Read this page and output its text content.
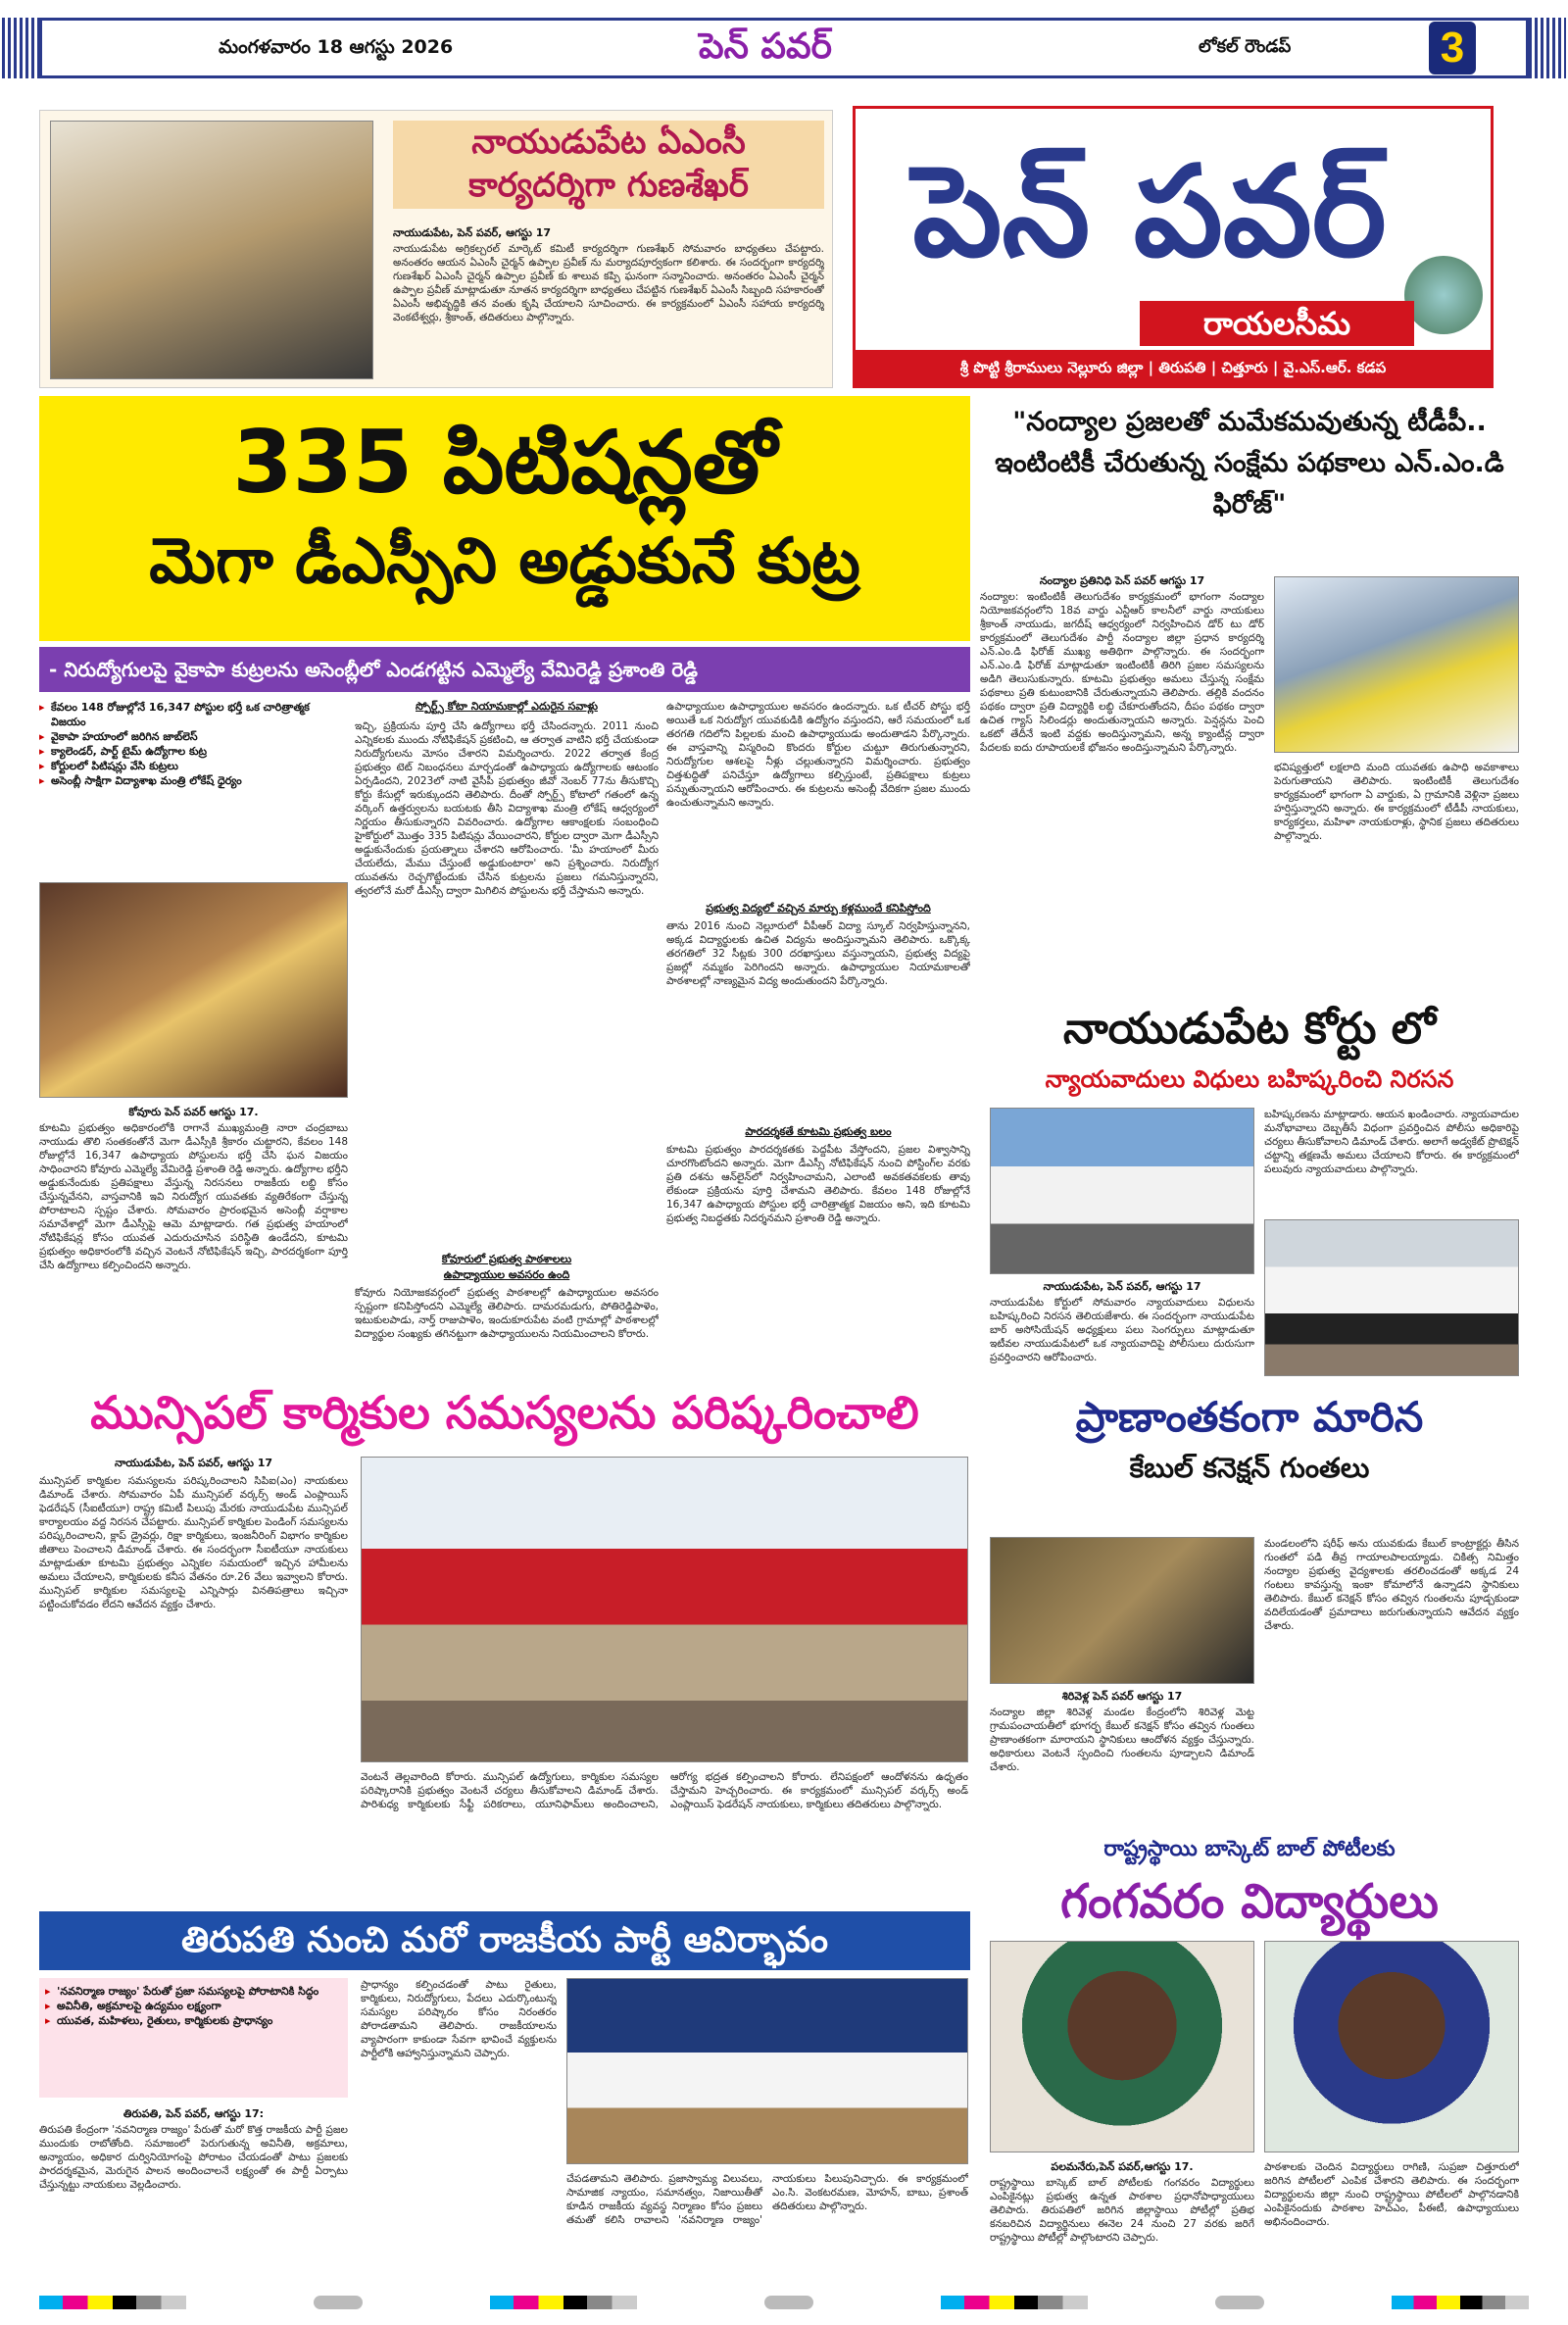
మంగళవారం 18 ఆగస్టు 2026	పెన్ పవర్	లోకల్ రౌండప్	3
నాయుడుపేట ఏఎంసీ
కార్యదర్శిగా గుణశేఖర్
నాయుడుపేట, పెన్ పవర్, ఆగస్టు 17
నాయుడుపేట అగ్రికల్చరల్ మార్కెట్ కమిటీ కార్యదర్శిగా గుణశేఖర్ సోమవారం బాధ్యతలు చేపట్టారు. అనంతరం ఆయన ఏఎంసీ చైర్మన్ ఉప్పాల ప్రవీణ్ ను మర్యాదపూర్వకంగా కలిశారు. ఈ సందర్భంగా కార్యదర్శి గుణశేఖర్ ఏఎంసీ చైర్మన్ ఉప్పాల ప్రవీణ్ కు శాలువ కప్పి ఘనంగా సన్మానించారు. అనంతరం ఏఎంసీ చైర్మన్ ఉప్పాల ప్రవీణ్ మాట్లాడుతూ నూతన కార్యదర్శిగా బాధ్యతలు చేపట్టిన గుణశేఖర్ ఏఎంసీ సిబ్బంది సహకారంతో ఏఎంసీ అభివృద్ధికి తన వంతు కృషి చేయాలని సూచించారు. ఈ కార్యక్రమంలో ఏఎంసీ సహాయ కార్యదర్శి వెంకటేశ్వర్లు, శ్రీకాంత్, తదితరులు పాల్గొన్నారు.
పెన్ పవర్
రాయలసీమ
శ్రీ పొట్టి శ్రీరాములు నెల్లూరు జిల్లా | తిరుపతి | చిత్తూరు | వై.ఎస్.ఆర్. కడప
335 పిటిషన్లతో
మెగా డీఎస్సీని అడ్డుకునే కుట్ర
- నిరుద్యోగులపై వైకాపా కుట్రలను అసెంబ్లీలో ఎండగట్టిన ఎమ్మెల్యే వేమిరెడ్డి ప్రశాంతి రెడ్డి
▸ కేవలం 148 రోజుల్లోనే 16,347 పోస్టుల భర్తీ ఒక చారిత్రాత్మక విజయం
▸ వైకాపా హయాంలో జరిగిన జాబ్‌లెస్
▸ క్యాలెండర్, పార్ట్ టైమ్ ఉద్యోగాల కుట్ర
▸ కోర్టులలో పిటిషన్లు వేసి కుట్రలు
▸ అసెంబ్లీ సాక్షిగా విద్యాశాఖ మంత్రి లోకేష్ ధైర్యం
కోవూరు పెన్ పవర్ ఆగస్టు 17.
కూటమి ప్రభుత్వం అధికారంలోకి రాగానే ముఖ్యమంత్రి నారా చంద్రబాబు నాయుడు తొలి సంతకంతోనే మెగా డీఎస్సీకి శ్రీకారం చుట్టారని, కేవలం 148 రోజుల్లోనే 16,347 ఉపాధ్యాయ పోస్టులను భర్తీ చేసి ఘన విజయం సాధించారని కోవూరు ఎమ్మెల్యే వేమిరెడ్డి ప్రశాంతి రెడ్డి అన్నారు. ఉద్యోగాల భర్తీని అడ్డుకునేందుకు ప్రతిపక్షాలు వేస్తున్న నిరసనలు రాజకీయ లబ్ధి కోసం చేస్తున్నవేనని, వాస్తవానికి ఇవి నిరుద్యోగ యువతకు వ్యతిరేకంగా చేస్తున్న పోరాటాలని స్పష్టం చేశారు. సోమవారం ప్రారంభమైన అసెంబ్లీ వర్షాకాల సమావేశాల్లో మెగా డీఎస్సీపై ఆమె మాట్లాడారు. గత ప్రభుత్వ హయాంలో నోటిఫికేషన్ల కోసం యువత ఎదురుచూసిన పరిస్థితి ఉండేదని, కూటమి ప్రభుత్వం అధికారంలోకి వచ్చిన వెంటనే నోటిఫికేషన్ ఇచ్చి, పారదర్శకంగా పూర్తి చేసి ఉద్యోగాలు కల్పించిందని అన్నారు.
స్పోర్ట్స్ కోటా నియామకాల్లో ఎదురైన సవాళ్లు
ఇచ్చి, ప్రక్రియను పూర్తి చేసి ఉద్యోగాలు భర్తీ చేసిందన్నారు. 2011 నుంచి ఎన్నికలకు ముందు నోటిఫికేషన్ ప్రకటించి, ఆ తర్వాత వాటిని భర్తీ చేయకుండా నిరుద్యోగులను మోసం చేశారని విమర్శించారు. 2022 తర్వాత కేంద్ర ప్రభుత్వం టెట్ నిబంధనలు మార్చడంతో ఉపాధ్యాయ ఉద్యోగాలకు ఆటంకం ఏర్పడిందని, 2023లో నాటి వైసీపీ ప్రభుత్వం జీవో నెంబర్ 77ను తీసుకొచ్చి కోర్టు కేసుల్లో ఇరుక్కుందని తెలిపారు. దీంతో స్పోర్ట్స్ కోటాలో గతంలో ఉన్న వర్కింగ్ ఉత్తర్వులను బయటకు తీసి విద్యాశాఖ మంత్రి లోకేష్ ఆధ్వర్యంలో నిర్ణయం తీసుకున్నారని వివరించారు. ఉద్యోగాల ఆకాంక్షలకు సంబంధించి హైకోర్టులో మొత్తం 335 పిటిషన్లు వేయించారని, కోర్టుల ద్వారా మెగా డీఎస్సీని అడ్డుకునేందుకు ప్రయత్నాలు చేశారని ఆరోపించారు. 'మీ హయాంలో మీరు చేయలేదు, మేము చేస్తుంటే అడ్డుకుంటారా' అని ప్రశ్నించారు. నిరుద్యోగ యువతను రెచ్చగొట్టేందుకు చేసిన కుట్రలను ప్రజలు గమనిస్తున్నారని, త్వరలోనే మరో డీఎస్సీ ద్వారా మిగిలిన పోస్టులను భర్తీ చేస్తామని అన్నారు.
కోవూరులో ప్రభుత్వ పాఠశాలలు
ఉపాధ్యాయుల అవసరం ఉంది
కోవూరు నియోజకవర్గంలో ప్రభుత్వ పాఠశాలల్లో ఉపాధ్యాయుల అవసరం స్పష్టంగా కనిపిస్తోందని ఎమ్మెల్యే తెలిపారు. దామరమడుగు, పోతిరెడ్డిపాళెం, ఇటుకులపాడు, నార్త్ రాజుపాళెం, ఇందుకూరుపేట వంటి గ్రామాల్లో పాఠశాలల్లో విద్యార్థుల సంఖ్యకు తగినట్టుగా ఉపాధ్యాయులను నియమించాలని కోరారు.
ఉపాధ్యాయుల ఉపాధ్యాయుల అవసరం ఉందన్నారు. ఒక టీచర్ పోస్టు భర్తీ అయితే ఒక నిరుద్యోగ యువకుడికి ఉద్యోగం వస్తుందని, ఆరే సమయంలో ఒక తరగతి గదిలోని పిల్లలకు మంచి ఉపాధ్యాయుడు అందుతాడని పేర్కొన్నారు. ఈ వాస్తవాన్ని విస్మరించి కొందరు కోర్టుల చుట్టూ తిరుగుతున్నారని, నిరుద్యోగుల ఆశలపై నీళ్లు చల్లుతున్నారని విమర్శించారు. ప్రభుత్వం చిత్తశుద్ధితో పనిచేస్తూ ఉద్యోగాలు కల్పిస్తుంటే, ప్రతిపక్షాలు కుట్రలు పన్నుతున్నాయని ఆరోపించారు. ఈ కుట్రలను అసెంబ్లీ వేదికగా ప్రజల ముందు ఉంచుతున్నామని అన్నారు.
ప్రభుత్వ విద్యలో వచ్చిన మార్పు కళ్లముందే కనిపిస్తోంది
తాను 2016 నుంచి నెల్లూరులో వీపీఆర్ విద్యా స్కూల్ నిర్వహిస్తున్నానని, అక్కడ విద్యార్థులకు ఉచిత విద్యను అందిస్తున్నామని తెలిపారు. ఒక్కొక్క తరగతిలో 32 సీట్లకు 300 దరఖాస్తులు వస్తున్నాయని, ప్రభుత్వ విద్యపై ప్రజల్లో నమ్మకం పెరిగిందని అన్నారు. ఉపాధ్యాయుల నియామకాలతో పాఠశాలల్లో నాణ్యమైన విద్య అందుతుందని పేర్కొన్నారు.
పారదర్శకతే కూటమి ప్రభుత్వ బలం
కూటమి ప్రభుత్వం పారదర్శకతకు పెద్దపీట వేస్తోందని, ప్రజల విశ్వాసాన్ని చూరగొంటోందని అన్నారు. మెగా డీఎస్సీ నోటిఫికేషన్ నుంచి పోస్టింగ్‌ల వరకు ప్రతి దశను ఆన్‌లైన్‌లో నిర్వహించామని, ఎలాంటి అవకతవకలకు తావు లేకుండా ప్రక్రియను పూర్తి చేశామని తెలిపారు. కేవలం 148 రోజుల్లోనే 16,347 ఉపాధ్యాయ పోస్టుల భర్తీ చారిత్రాత్మక విజయం అని, ఇది కూటమి ప్రభుత్వ నిబద్ధతకు నిదర్శనమని ప్రశాంతి రెడ్డి అన్నారు.
"నంద్యాల ప్రజలతో మమేకమవుతున్న టీడీపీ.. ఇంటింటికీ చేరుతున్న సంక్షేమ పథకాలు ఎన్.ఎం.డి ఫిరోజ్"
నంద్యాల ప్రతినిధి పెన్ పవర్ ఆగస్టు 17
నంద్యాల: ఇంటింటికీ తెలుగుదేశం కార్యక్రమంలో భాగంగా నంద్యాల నియోజకవర్గంలోని 18వ వార్డు ఎన్టీఆర్ కాలనీలో వార్డు నాయకులు శ్రీకాంత్ నాయుడు, జగదీష్ ఆధ్వర్యంలో నిర్వహించిన డోర్ టు డోర్ కార్యక్రమంలో తెలుగుదేశం పార్టీ నంద్యాల జిల్లా ప్రధాన కార్యదర్శి ఎన్.ఎం.డి ఫిరోజ్ ముఖ్య అతిథిగా పాల్గొన్నారు. ఈ సందర్భంగా ఎన్.ఎం.డి ఫిరోజ్ మాట్లాడుతూ ఇంటింటికీ తిరిగి ప్రజల సమస్యలను అడిగి తెలుసుకున్నారు. కూటమి ప్రభుత్వం అమలు చేస్తున్న సంక్షేమ పథకాలు ప్రతి కుటుంబానికి చేరుతున్నాయని తెలిపారు. తల్లికి వందనం పథకం ద్వారా ప్రతి విద్యార్థికి లబ్ధి చేకూరుతోందని, దీపం పథకం ద్వారా ఉచిత గ్యాస్ సిలిండర్లు అందుతున్నాయని అన్నారు. పెన్షన్లను పెంచి ఒకటో తేదీనే ఇంటి వద్దకు అందిస్తున్నామని, అన్న క్యాంటీన్ల ద్వారా పేదలకు ఐదు రూపాయలకే భోజనం అందిస్తున్నామని పేర్కొన్నారు.
భవిష్యత్తులో లక్షలాది మంది యువతకు ఉపాధి అవకాశాలు పెరుగుతాయని తెలిపారు. ఇంటింటికీ తెలుగుదేశం కార్యక్రమంలో భాగంగా ఏ వార్డుకు, ఏ గ్రామానికి వెళ్లినా ప్రజలు హర్షిస్తున్నారని అన్నారు. ఈ కార్యక్రమంలో టీడీపీ నాయకులు, కార్యకర్తలు, మహిళా నాయకురాళ్లు, స్థానిక ప్రజలు తదితరులు పాల్గొన్నారు.
నాయుడుపేట కోర్టు లో
న్యాయవాదులు విధులు బహిష్కరించి నిరసన
బహిష్కరణను మాట్లాడారు. ఆయన ఖండించారు. న్యాయవాదుల మనోభావాలు దెబ్బతీసే విధంగా ప్రవర్తించిన పోలీసు అధికారిపై చర్యలు తీసుకోవాలని డిమాండ్ చేశారు. అలాగే అడ్వకేట్ ప్రొటెక్షన్ చట్టాన్ని తక్షణమే అమలు చేయాలని కోరారు. ఈ కార్యక్రమంలో పలువురు న్యాయవాదులు పాల్గొన్నారు.
నాయుడుపేట, పెన్ పవర్, ఆగస్టు 17
నాయుడుపేట కోర్టులో సోమవారం న్యాయవాదులు విధులను బహిష్కరించి నిరసన తెలియజేశారు. ఈ సందర్భంగా నాయుడుపేట బార్ అసోసియేషన్ అధ్యక్షులు పలు సెంగర్పులు మాట్లాడుతూ ఇటీవల నాయుడుపేటలో ఒక న్యాయవాదిపై పోలీసులు దురుసుగా ప్రవర్తించారని ఆరోపించారు.
మున్సిపల్ కార్మికుల సమస్యలను పరిష్కరించాలి
నాయుడుపేట, పెన్ పవర్, ఆగస్టు 17
మున్సిపల్ కార్మికుల సమస్యలను పరిష్కరించాలని సిపిఐ(ఎం) నాయకులు డిమాండ్ చేశారు. సోమవారం ఏపీ మున్సిపల్ వర్కర్స్ అండ్ ఎంప్లాయిస్ ఫెడరేషన్ (సీఐటీయూ) రాష్ట్ర కమిటీ పిలుపు మేరకు నాయుడుపేట మున్సిపల్ కార్యాలయం వద్ద నిరసన చేపట్టారు. మున్సిపల్ కార్మికుల పెండింగ్ సమస్యలను పరిష్కరించాలని, క్లాప్ డ్రైవర్లు, రిక్షా కార్మికులు, ఇంజనీరింగ్ విభాగం కార్మికుల జీతాలు పెంచాలని డిమాండ్ చేశారు. ఈ సందర్భంగా సీఐటీయూ నాయకులు మాట్లాడుతూ కూటమి ప్రభుత్వం ఎన్నికల సమయంలో ఇచ్చిన హామీలను అమలు చేయాలని, కార్మికులకు కనీస వేతనం రూ.26 వేలు ఇవ్వాలని కోరారు. మున్సిపల్ కార్మికుల సమస్యలపై ఎన్నిసార్లు వినతిపత్రాలు ఇచ్చినా పట్టించుకోవడం లేదని ఆవేదన వ్యక్తం చేశారు.
వెంటనే తెల్లవారింది కోరారు. మున్సిపల్ ఉద్యోగులు, కార్మికుల సమస్యల పరిష్కారానికి ప్రభుత్వం వెంటనే చర్యలు తీసుకోవాలని డిమాండ్ చేశారు. పారిశుధ్య కార్మికులకు సేఫ్టీ పరికరాలు, యూనిఫామ్‌లు అందించాలని, ఆరోగ్య భద్రత కల్పించాలని కోరారు. లేనిపక్షంలో ఆందోళనను ఉధృతం చేస్తామని హెచ్చరించారు. ఈ కార్యక్రమంలో మున్సిపల్ వర్కర్స్ అండ్ ఎంప్లాయిస్ ఫెడరేషన్ నాయకులు, కార్మికులు తదితరులు పాల్గొన్నారు.
ప్రాణాంతకంగా మారిన
కేబుల్ కనెక్షన్ గుంతలు
శిరివెళ్ల పెన్ పవర్ ఆగస్టు 17
నంద్యాల జిల్లా శిరివెళ్ల మండల కేంద్రంలోని శిరివెళ్ల మెట్ట గ్రామపంచాయతీలో భూగర్భ కేబుల్ కనెక్షన్ కోసం తవ్విన గుంతలు ప్రాణాంతకంగా మారాయని స్థానికులు ఆందోళన వ్యక్తం చేస్తున్నారు. అధికారులు వెంటనే స్పందించి గుంతలను పూడ్చాలని డిమాండ్ చేశారు.
మండలంలోని షరీఫ్ అను యువకుడు కేబుల్ కాంట్రాక్టర్లు తీసిన గుంతలో పడి తీవ్ర గాయాలపాలయ్యాడు. చికిత్స నిమిత్తం నంద్యాల ప్రభుత్వ వైద్యశాలకు తరలించడంతో అక్కడ 24 గంటలు కావస్తున్న ఇంకా కోమాలోనే ఉన్నాడని స్థానికులు తెలిపారు. కేబుల్ కనెక్షన్ కోసం తవ్విన గుంతలను పూడ్చకుండా వదిలేయడంతో ప్రమాదాలు జరుగుతున్నాయని ఆవేదన వ్యక్తం చేశారు.
రాష్ట్రస్థాయి బాస్కెట్ బాల్ పోటీలకు
గంగవరం విద్యార్థులు
పలమనేరు,పెన్ పవర్,ఆగస్టు 17.
రాష్ట్రస్థాయి బాస్కెట్ బాల్ పోటీలకు గంగవరం విద్యార్థులు ఎంపికైనట్లు ప్రభుత్వ ఉన్నత పాఠశాల ప్రధానోపాధ్యాయులు తెలిపారు. తిరుపతిలో జరిగిన జిల్లాస్థాయి పోటీల్లో ప్రతిభ కనబరిచిన విద్యార్థినులు ఈనెల 24 నుంచి 27 వరకు జరిగే రాష్ట్రస్థాయి పోటీల్లో పాల్గొంటారని చెప్పారు.
పాఠశాలకు చెందిన విద్యార్థులు రాగిణి, సుప్రజా చిత్తూరులో జరిగిన పోటీలలో ఎంపిక చేశారని తెలిపారు. ఈ సందర్భంగా విద్యార్థులను జిల్లా నుంచి రాష్ట్రస్థాయి పోటీలలో పాల్గొనడానికి ఎంపికైనందుకు పాఠశాల హెచ్ఎం, పీఈటీ, ఉపాధ్యాయులు అభినందించారు.
తిరుపతి నుంచి మరో రాజకీయ పార్టీ ఆవిర్భావం
▸ 'నవనిర్మాణ రాజ్యం' పేరుతో ప్రజా సమస్యలపై పోరాటానికి సిద్ధం
▸ అవినీతి, అక్రమాలపై ఉద్యమం లక్ష్యంగా
▸ యువత, మహిళలు, రైతులు, కార్మికులకు ప్రాధాన్యం
తిరుపతి, పెన్ పవర్, ఆగస్టు 17:
తిరుపతి కేంద్రంగా 'నవనిర్మాణ రాజ్యం' పేరుతో మరో కొత్త రాజకీయ పార్టీ ప్రజల ముందుకు రాబోతోంది. సమాజంలో పెరుగుతున్న అవినీతి, అక్రమాలు, అన్యాయం, అధికార దుర్వినియోగంపై పోరాటం చేయడంతో పాటు ప్రజలకు పారదర్శకమైన, మెరుగైన పాలన అందించాలనే లక్ష్యంతో ఈ పార్టీ ఏర్పాటు చేస్తున్నట్టు నాయకులు వెల్లడించారు.
ప్రాధాన్యం కల్పించడంతో పాటు రైతులు, కార్మికులు, నిరుద్యోగులు, పేదలు ఎదుర్కొంటున్న సమస్యల పరిష్కారం కోసం నిరంతరం పోరాడతామని తెలిపారు. రాజకీయాలను వ్యాపారంగా కాకుండా సేవగా భావించే వ్యక్తులను పార్టీలోకి ఆహ్వానిస్తున్నామని చెప్పారు.
చేపడతామని తెలిపారు. ప్రజాస్వామ్య విలువలు, సామాజిక న్యాయం, సమానత్వం, నిజాయితీతో కూడిన రాజకీయ వ్యవస్థ నిర్మాణం కోసం ప్రజలు తమతో కలిసి రావాలని 'నవనిర్మాణ రాజ్యం' నాయకులు పిలుపునిచ్చారు. ఈ కార్యక్రమంలో ఎం.సి. వెంకటరమణ, మోహన్, బాబు, ప్రశాంత్ తదితరులు పాల్గొన్నారు.
